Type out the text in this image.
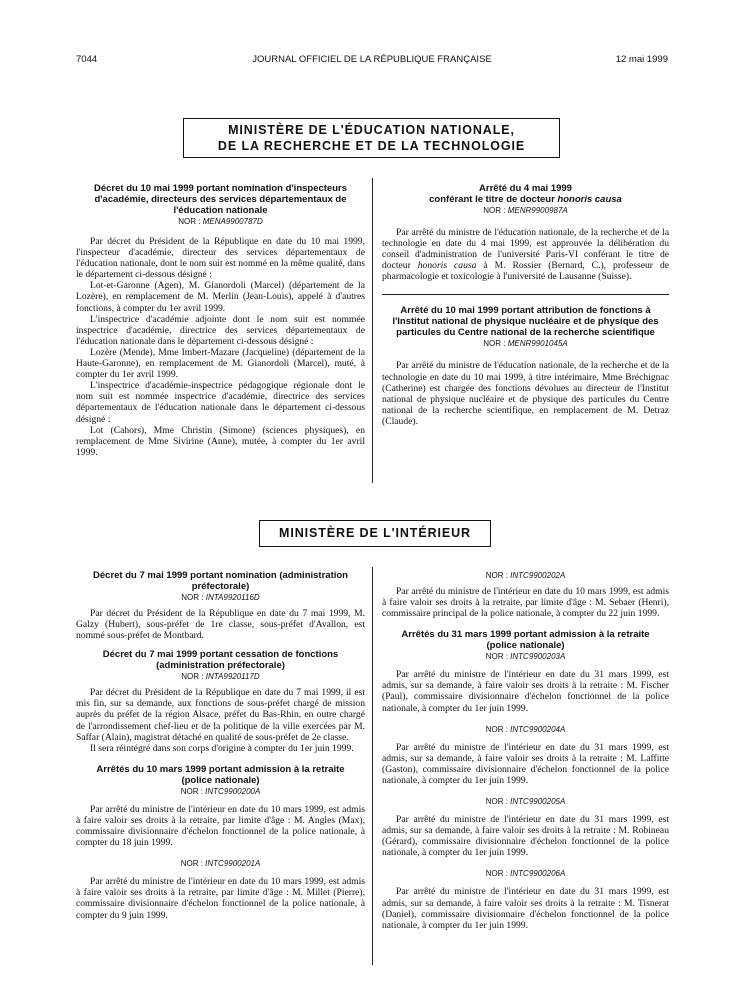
7044	JOURNAL OFFICIEL DE LA RÉPUBLIQUE FRANÇAISE	12 mai 1999
MINISTÈRE DE L'ÉDUCATION NATIONALE,
DE LA RECHERCHE ET DE LA TECHNOLOGIE
Décret du 10 mai 1999 portant nomination d'inspecteurs d'académie, directeurs des services départementaux de l'éducation nationale

NOR : MENA9900787D

Par décret du Président de la République en date du 10 mai 1999, l'inspecteur d'académie, directeur des services départementaux de l'éducation nationale, dont le nom suit est nommé en la même qualité, dans le département ci-dessous désigné :

Lot-et-Garonne (Agen), M. Gianordoli (Marcel) (département de la Lozère), en remplacement de M. Merlin (Jean-Louis), appelé à d'autres fonctions, à compter du 1er avril 1999.

L'inspectrice d'académie adjointe dont le nom suit est nommée inspectrice d'académie, directrice des services départementaux de l'éducation nationale dans le département ci-dessous désigné :

Lozère (Mende), Mme Imbert-Mazare (Jacqueline) (département de la Haute-Garonne), en remplacement de M. Gianordoli (Marcel), muté, à compter du 1er avril 1999.

L'inspectrice d'académie-inspectrice pédagogique régionale dont le nom suit est nommée inspectrice d'académie, directrice des services départementaux de l'éducation nationale dans le département ci-dessous désigné :

Lot (Cahors), Mme Christin (Simone) (sciences physiques), en remplacement de Mme Sivirine (Anne), mutée, à compter du 1er avril 1999.

Arrêté du 4 mai 1999
conférant le titre de docteur honoris causa

NOR : MENR9900987A

Par arrêté du ministre de l'éducation nationale, de la recherche et de la technologie en date du 4 mai 1999, est approuvée la délibération du conseil d'administration de l'université Paris-VI conférant le titre de docteur honoris causa à M. Rossier (Bernard, C.), professeur de pharmacologie et toxicologie à l'université de Lausanne (Suisse).

Arrêté du 10 mai 1999 portant attribution de fonctions à l'Institut national de physique nucléaire et de physique des particules du Centre national de la recherche scientifique

NOR : MENR9901045A

Par arrêté du ministre de l'éducation nationale, de la recherche et de la technologie en date du 10 mai 1999, à titre intérimaire, Mme Bréchignac (Catherine) est chargée des fonctions dévolues au directeur de l'Institut national de physique nucléaire et de physique des particules du Centre national de la recherche scientifique, en remplacement de M. Detraz (Claude).

MINISTÈRE DE L'INTÉRIEUR
Décret du 7 mai 1999 portant nomination (administration préfectorale)

NOR : INTA9920116D

Par décret du Président de la République en date du 7 mai 1999, M. Galzy (Hubert), sous-préfet de 1re classe, sous-préfet d'Avallon, est nommé sous-préfet de Montbard.

Décret du 7 mai 1999 portant cessation de fonctions (administration préfectorale)

NOR : INTA9920117D

Par décret du Président de la République en date du 7 mai 1999, il est mis fin, sur sa demande, aux fonctions de sous-préfet chargé de mission auprès du préfet de la région Alsace, préfet du Bas-Rhin, en outre chargé de l'arrondissement chef-lieu et de la politique de la ville exercées par M. Saffar (Alain), magistrat détaché en qualité de sous-préfet de 2e classe.

Il sera réintégré dans son corps d'origine à compter du 1er juin 1999.

Arrêtés du 10 mars 1999 portant admission à la retraite (police nationale)

NOR : INTC9900200A

Par arrêté du ministre de l'intérieur en date du 10 mars 1999, est admis à faire valoir ses droits à la retraite, par limite d'âge : M. Angles (Max), commissaire divisionnaire d'échelon fonctionnel de la police nationale, à compter du 18 juin 1999.

NOR : INTC9900201A

Par arrêté du ministre de l'intérieur en date du 10 mars 1999, est admis à faire valoir ses droits à la retraite, par limite d'âge : M. Millet (Pierre), commissaire divisionnaire d'échelon fonctionnel de la police nationale, à compter du 9 juin 1999.

NOR : INTC9900202A

Par arrêté du ministre de l'intérieur en date du 10 mars 1999, est admis à faire valoir ses droits à la retraite, par limite d'âge : M. Sebaer (Henri), commissaire principal de la police nationale, à compter du 22 juin 1999.

Arrêtés du 31 mars 1999 portant admission à la retraite (police nationale)

NOR : INTC9900203A

Par arrêté du ministre de l'intérieur en date du 31 mars 1999, est admis, sur sa demande, à faire valoir ses droits à la retraite : M. Fischer (Paul), commissaire divisionnaire d'échelon fonctionnel de la police nationale, à compter du 1er juin 1999.

NOR : INTC9900204A

Par arrêté du ministre de l'intérieur en date du 31 mars 1999, est admis, sur sa demande, à faire valoir ses droits à la retraite : M. Laffitte (Gaston), commissaire divisionnaire d'échelon fonctionnel de la police nationale, à compter du 1er juin 1999.

NOR : INTC9900205A

Par arrêté du ministre de l'intérieur en date du 31 mars 1999, est admis, sur sa demande, à faire valoir ses droits à la retraite : M. Robineau (Gérard), commissaire divisionnaire d'échelon fonctionnel de la police nationale, à compter du 1er juin 1999.

NOR : INTC9900206A

Par arrêté du ministre de l'intérieur en date du 31 mars 1999, est admis, sur sa demande, à faire valoir ses droits à la retraite : M. Tisnerat (Daniel), commissaire divisionnaire d'échelon fonctionnel de la police nationale, à compter du 1er juin 1999.
